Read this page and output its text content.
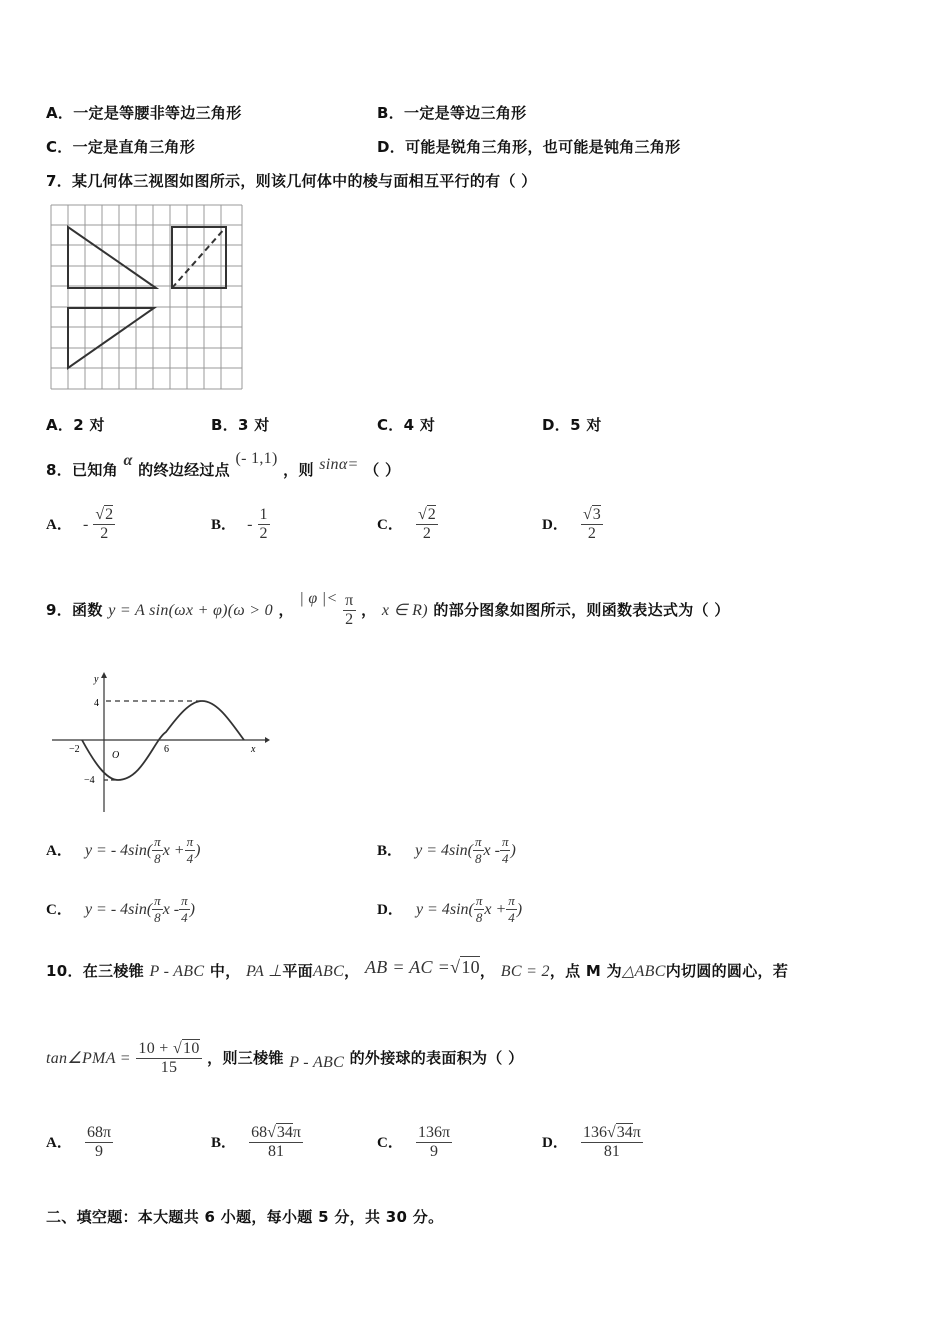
A．一定是等腰非等边三角形	B．一定是等边三角形
C．一定是直角三角形	D．可能是锐角三角形，也可能是钝角三角形
7．某几何体三视图如图所示，则该几何体中的棱与面相互平行的有（ ）
A．2 对	B．3 对	C．4 对	D．5 对
8．已知角 α 的终边经过点 (- 1,1) ，则 sinα= （ ）
A． - $\frac{√2}{2}$	B． - $\frac{1}{2}$	C． $\frac{√2}{2}$	D． $\frac{√3}{2}$
9．函数 y = A sin(ωx + φ)(ω > 0 ， | φ |< $\frac{\pi}{2}$ ， x ∈ R) 的部分图象如图所示，则函数表达式为（ ）
y
x
O
−2	6
4
−4
A． y = - $4\sin( \frac{\pi}{8}$ $x + \frac{\pi}{4}$ )	B． $y = 4\sin( \frac{\pi}{8}$ x - $\frac{\pi}{4}$ )
C． y = - $4\sin( \frac{\pi}{8}$ x - $\frac{\pi}{4}$ )	D． $y = 4\sin( \frac{\pi}{8}$ $x + \frac{\pi}{4}$ )
10．在三棱锥 P - ABC 中， PA ⊥平面ABC， AB = AC =√10， BC = 2，点 M 为△ABC内切圆的圆心，若
tan∠PMA = $\frac{10 + √10}{15}$ ，则三棱锥 P - ABC 的外接球的表面积为（ ）
A． $\frac{68\pi}{9}$	B． $\frac{68√34\pi}{81}$	C． $\frac{136\pi}{9}$	D． $\frac{136√34\pi}{81}$
二、填空题：本大题共 6 小题，每小题 5 分，共 30 分。
